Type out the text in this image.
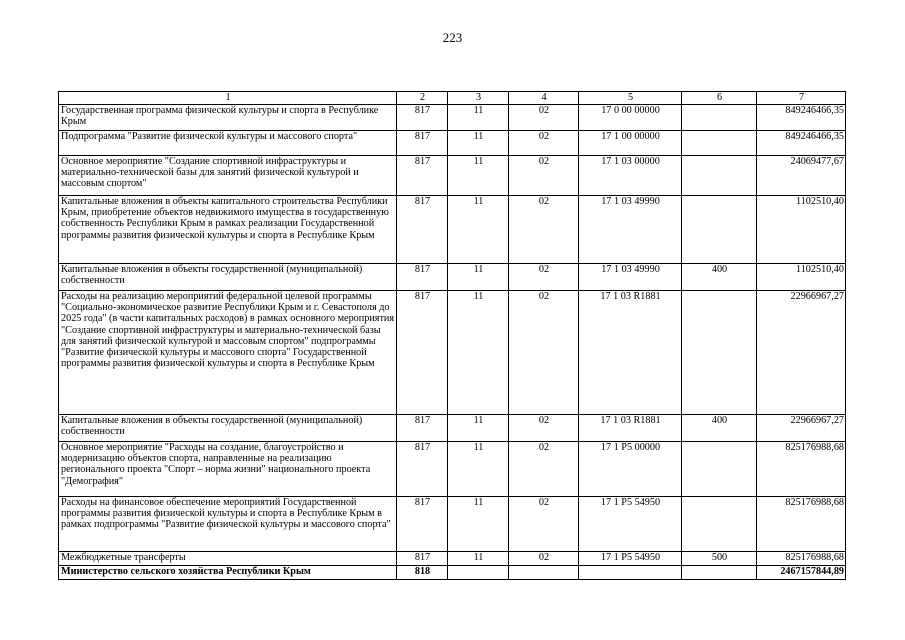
223
1	2	3	4	5	6	7
Государственная программа физической культуры и спорта в Республике Крым	817	11	02	17 0 00 00000		849246466,35
Подпрограмма "Развитие физической культуры и массового спорта"	817	11	02	17 1 00 00000		849246466,35
Основное мероприятие "Создание спортивной инфраструктуры и материально-технической базы для занятий физической культурой и массовым спортом"	817	11	02	17 1 03 00000		24069477,67
Капитальные вложения в объекты капитального строительства Республики Крым, приобретение объектов недвижимого имущества в государственную собственность Республики Крым в рамках реализации Государственной программы развития физической культуры и спорта в Республике Крым	817	11	02	17 1 03 49990		1102510,40
Капитальные вложения в объекты государственной (муниципальной) собственности	817	11	02	17 1 03 49990	400	1102510,40
Расходы на реализацию мероприятий федеральной целевой программы "Социально-экономическое развитие Республики Крым и г. Севастополя до 2025 года" (в части капитальных расходов) в рамках основного мероприятия "Создание спортивной инфраструктуры и материально-технической базы для занятий физической культурой и массовым спортом" подпрограммы "Развитие физической культуры и массового спорта" Государственной программы развития физической культуры и спорта в Республике Крым	817	11	02	17 1 03 R1881		22966967,27
Капитальные вложения в объекты государственной (муниципальной) собственности	817	11	02	17 1 03 R1881	400	22966967,27
Основное мероприятие "Расходы на создание, благоустройство и модернизацию объектов спорта, направленные на реализацию регионального проекта "Спорт – норма жизни" национального проекта "Демография"	817	11	02	17 1 P5 00000		825176988,68
Расходы на финансовое обеспечение мероприятий Государственной программы развития физической культуры и спорта в Республике Крым в рамках подпрограммы "Развитие физической культуры и массового спорта"	817	11	02	17 1 P5 54950		825176988,68
Межбюджетные трансферты	817	11	02	17 1 P5 54950	500	825176988,68
Министерство сельского хозяйства Республики Крым	818					2467157844,89
